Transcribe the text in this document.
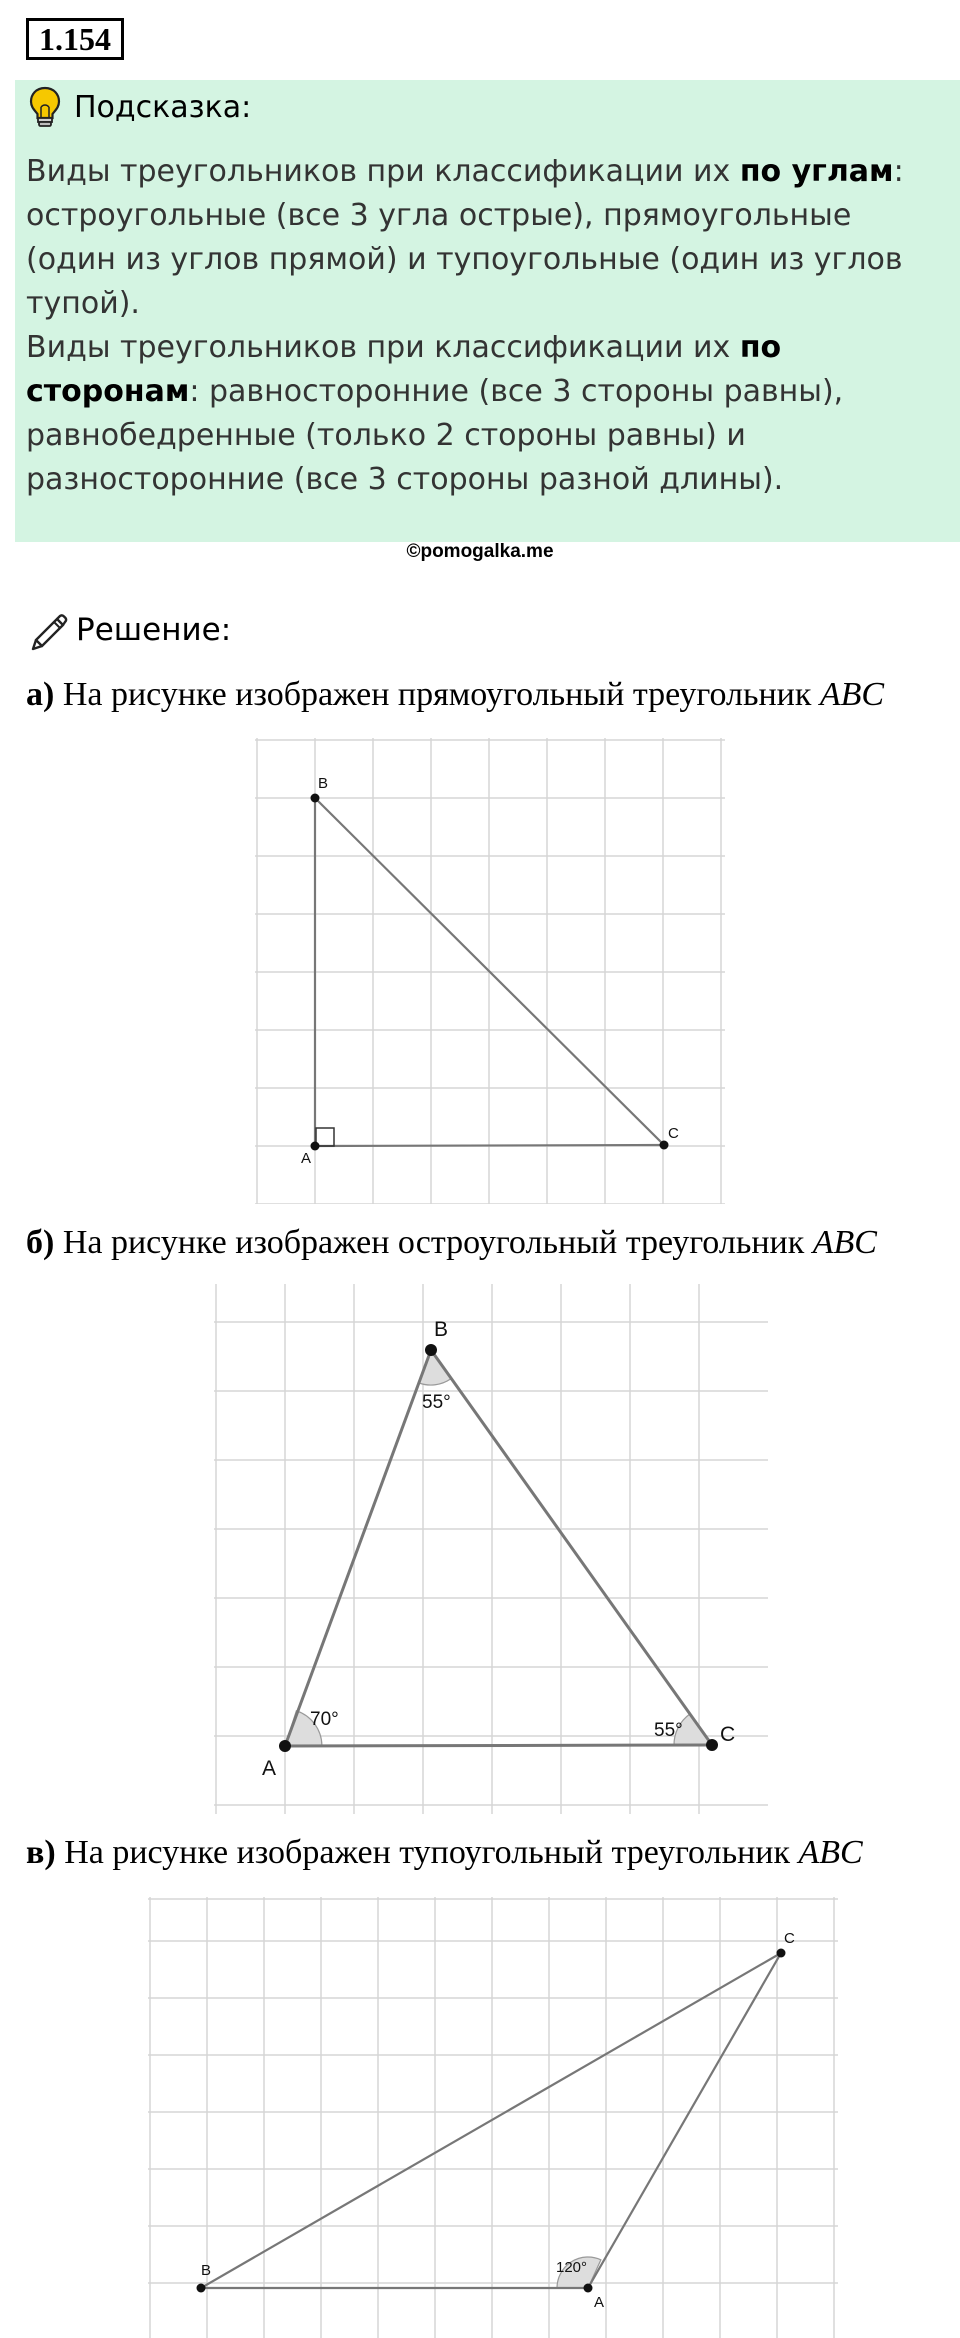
1.154
Подсказка:
Виды треугольников при классификации их по углам: остроугольные (все 3 угла острые), прямоугольные (один из углов прямой) и тупоугольные (один из углов тупой).
Виды треугольников при классификации их по сторонам: равносторонние (все 3 стороны равны), равнобедренные (только 2 стороны равны) и разносторонние (все 3 стороны разной длины).
©pomogalka.me
Решение:
а) На рисунке изображен прямоугольный треугольник ABC
B
A
C
б) На рисунке изображен остроугольный треугольник ABC
B
A
C
70°
55°
55°
в) На рисунке изображен тупоугольный треугольник ABC
B
A
C
120°
